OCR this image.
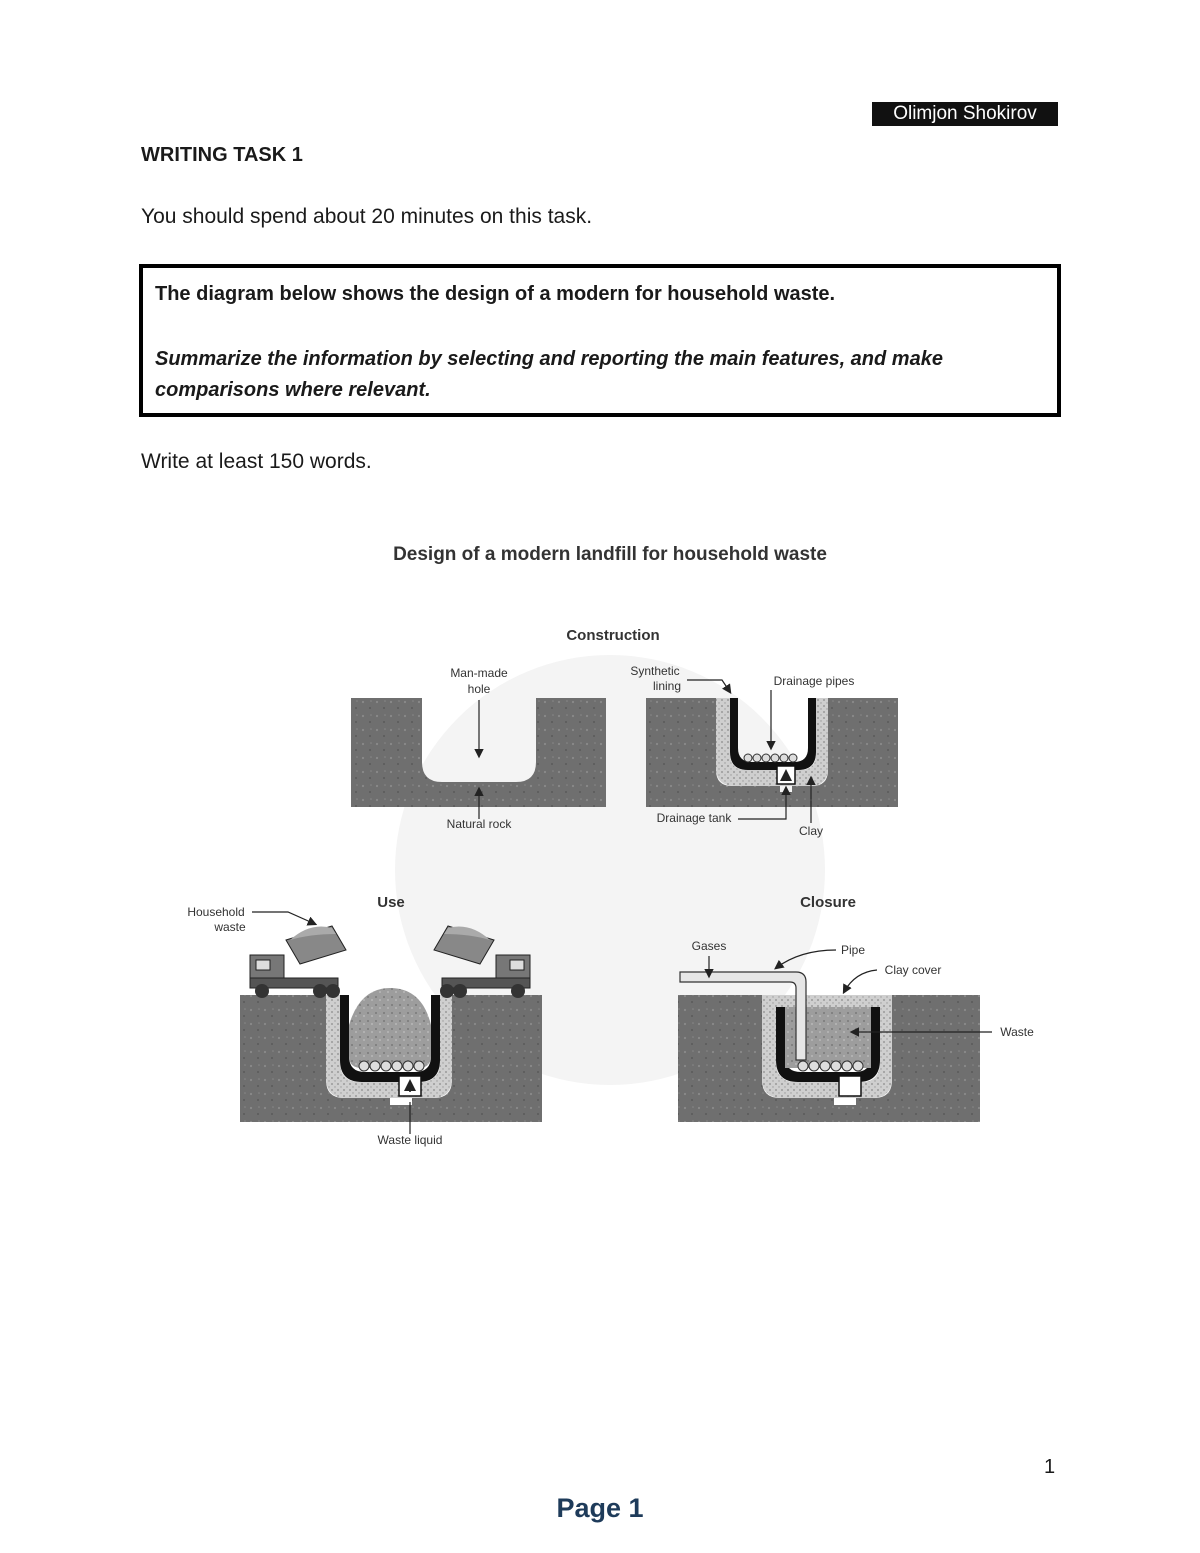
Olimjon Shokirov
WRITING TASK 1
You should spend about 20 minutes on this task.
The diagram below shows the design of a modern for household waste.
Summarize the information by selecting and reporting the main features, and make comparisons where relevant.
Write at least 150 words.
Design of a modern landfill for household waste
Construction
Man-made
hole
Natural rock
Synthetic
lining	Drainage pipes
Drainage tank
Clay
Use
Household
waste
Waste liquid
Closure
Gases	Pipe
Clay cover
Waste
1
Page 1
